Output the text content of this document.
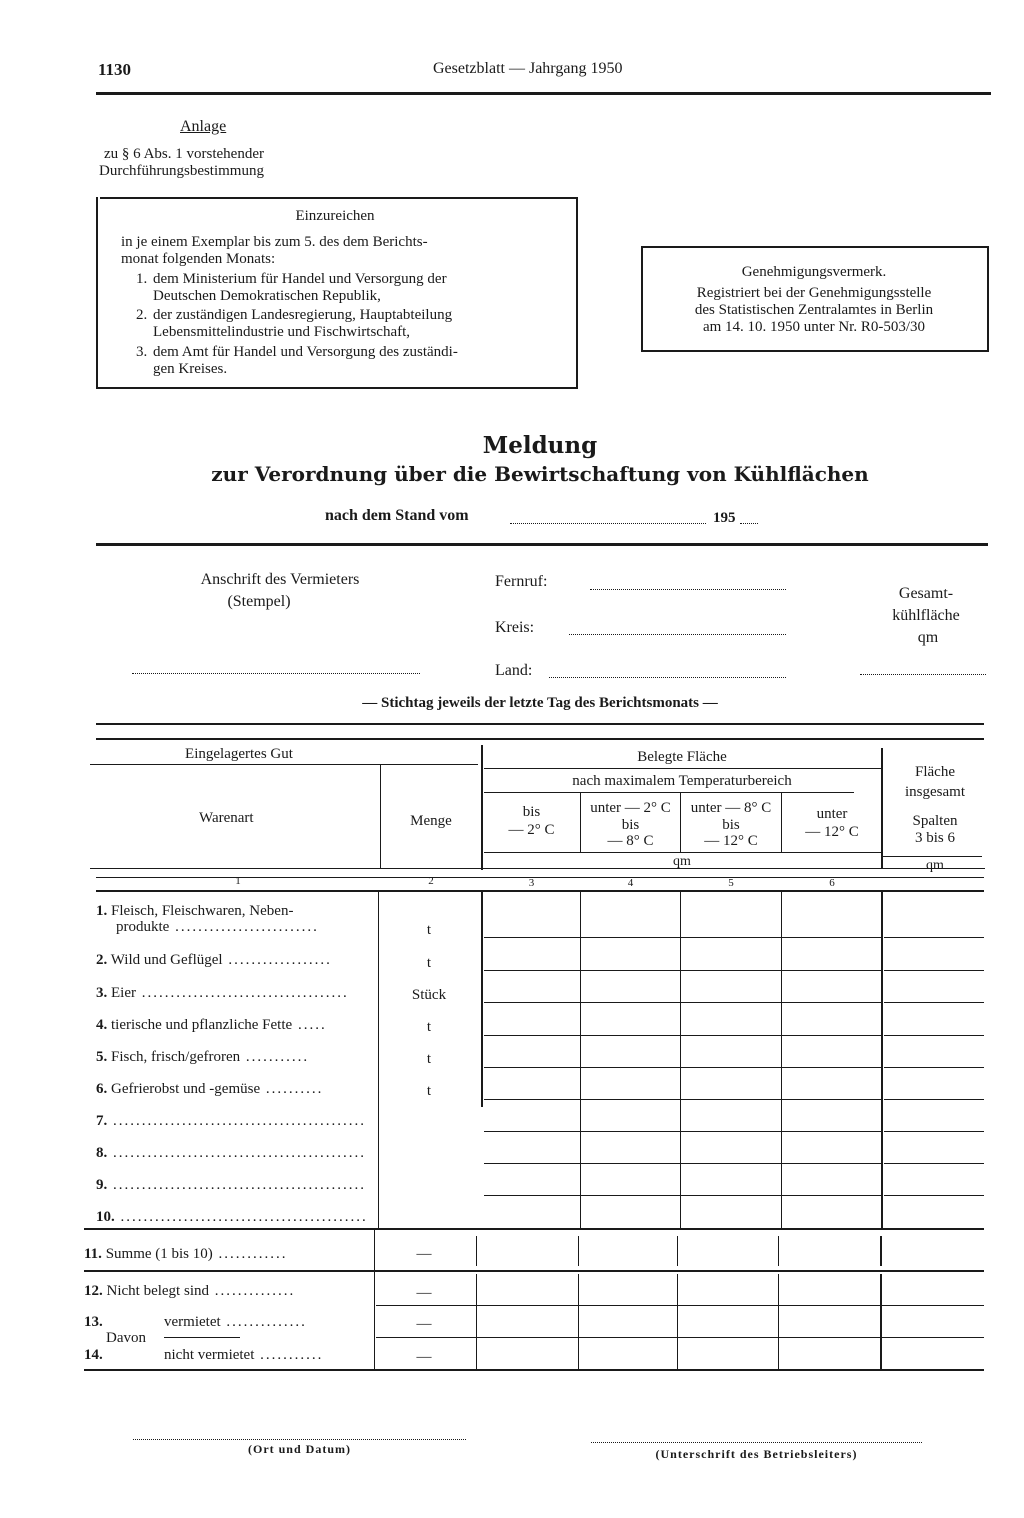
1130	Gesetzblatt — Jahrgang 1950
Anlage
zu § 6 Abs. 1 vorstehender
Durchführungsbestimmung
Einzureichen
in je einem Exemplar bis zum 5. des dem Berichts-
monat folgenden Monats:
1. dem Ministerium für Handel und Versorgung der
Deutschen Demokratischen Republik,
2. der zuständigen Landesregierung, Hauptabteilung
Lebensmittelindustrie und Fischwirtschaft,
3. dem Amt für Handel und Versorgung des zuständi-
gen Kreises.
Genehmigungsvermerk.
Registriert bei der Genehmigungsstelle
des Statistischen Zentralamtes in Berlin
am 14. 10. 1950 unter Nr. R0-503/30
Meldung
zur Verordnung über die Bewirtschaftung von Kühlflächen
nach dem Stand vom	195
Anschrift des Vermieters
(Stempel)
Fernruf:
Kreis:
Land:
Gesamt-
kühlfläche
qm
— Stichtag jeweils der letzte Tag des Berichtsmonats —
Eingelagertes Gut
Warenart	Menge
Belegte Fläche
nach maximalem Temperaturbereich
bis
— 2° C
unter — 2° C
bis
— 8° C
unter — 8° C
bis
— 12° C
unter
— 12° C
Fläche
insgesamt
Spalten
3 bis 6
qm	qm
1	2	3	4	5	6
1. Fleisch, Fleischwaren, Neben-
produkte .........................	t
2. Wild und Geflügel ..................	t
3. Eier ....................................	Stück
4. tierische und pflanzliche Fette .....	t
5. Fisch, frisch/gefroren ...........	t
6. Gefrierobst und -gemüse ..........	t
7. ............................................
8. ............................................
9. ............................................
10. ...........................................
11. Summe (1 bis 10) ............	—
12. Nicht belegt sind ..............	—
13.	vermietet ..............	—
Davon
14.	nicht vermietet ...........	—
(Ort und Datum)	(Unterschrift des Betriebsleiters)
